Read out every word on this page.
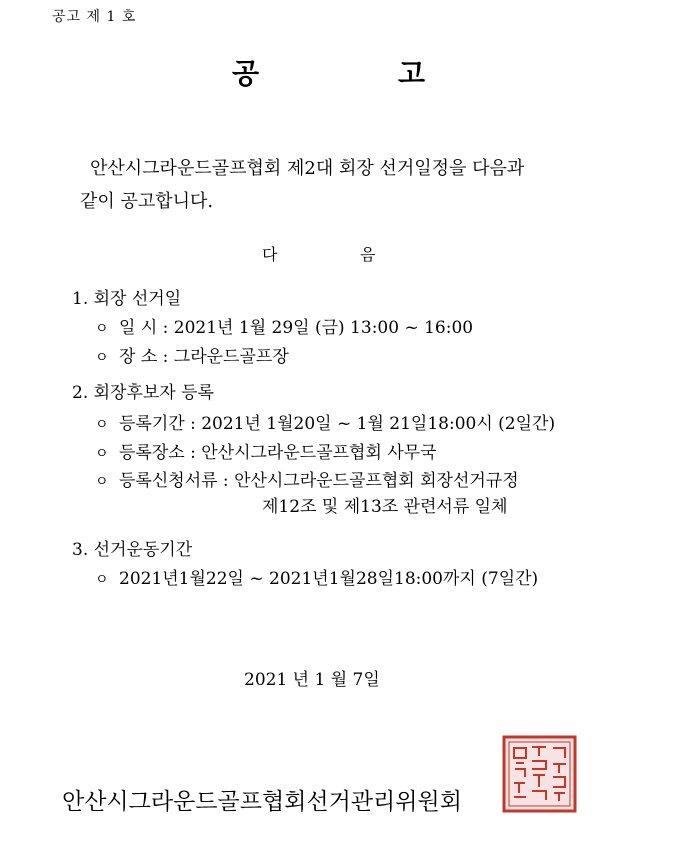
공고 제 1 호
공	고
안산시그라운드골프협회 제2대 회장 선거일정을 다음과
같이 공고합니다.
다	음
1. 회장 선거일
ㅇ 일 시 : 2021년 1월 29일 (금) 13:00 ~ 16:00
ㅇ 장 소 : 그라운드골프장
2. 회장후보자 등록
ㅇ 등록기간 : 2021년 1월20일 ~ 1월 21일18:00시 (2일간)
ㅇ 등록장소 : 안산시그라운드골프협회 사무국
ㅇ 등록신청서류 : 안산시그라운드골프협회 회장선거규정
제12조 및 제13조 관련서류 일체
3. 선거운동기간
ㅇ 2021년1월22일 ~ 2021년1월28일18:00까지 (7일간)
2021 년 1 월 7일
안산시그라운드골프협회선거관리위원회
